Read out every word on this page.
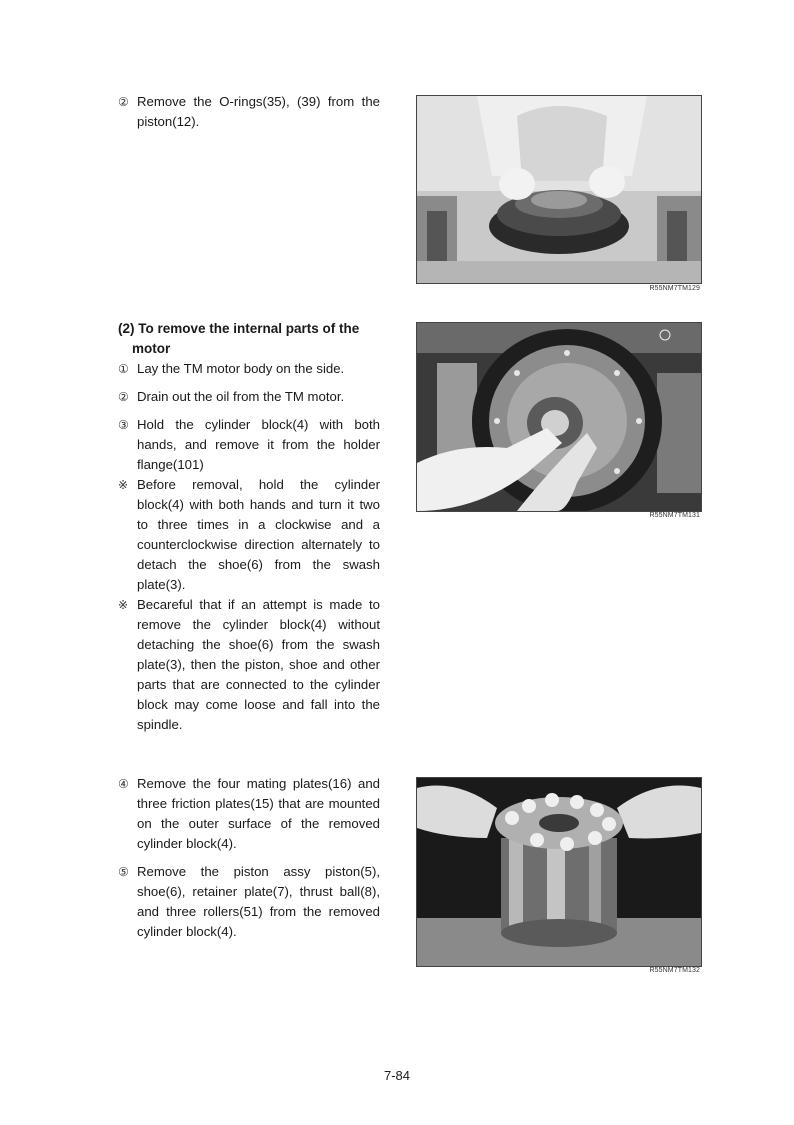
② Remove the O-rings(35), (39) from the piston(12).

R55NM7TM129
(2) To remove the internal parts of the
motor

① Lay the TM motor body on the side.

② Drain out the oil from the TM motor.

③ Hold the cylinder block(4) with both hands, and remove it from the holder flange(101)

※ Before removal, hold the cylinder block(4) with both hands and turn it two to three times in a clockwise and a counterclockwise direction alternately to detach the shoe(6) from the swash plate(3).

※ Becareful that if an attempt is made to remove the cylinder block(4) without detaching the shoe(6) from the swash plate(3), then the piston, shoe and other parts that are connected to the cylinder block may come loose and fall into the spindle.

R55NM7TM131

④ Remove the four mating plates(16) and three friction plates(15) that are mounted on the outer surface of the removed cylinder block(4).

⑤ Remove the piston assy piston(5), shoe(6), retainer plate(7), thrust ball(8), and three rollers(51) from the removed cylinder block(4).

R55NM7TM132
7-84
